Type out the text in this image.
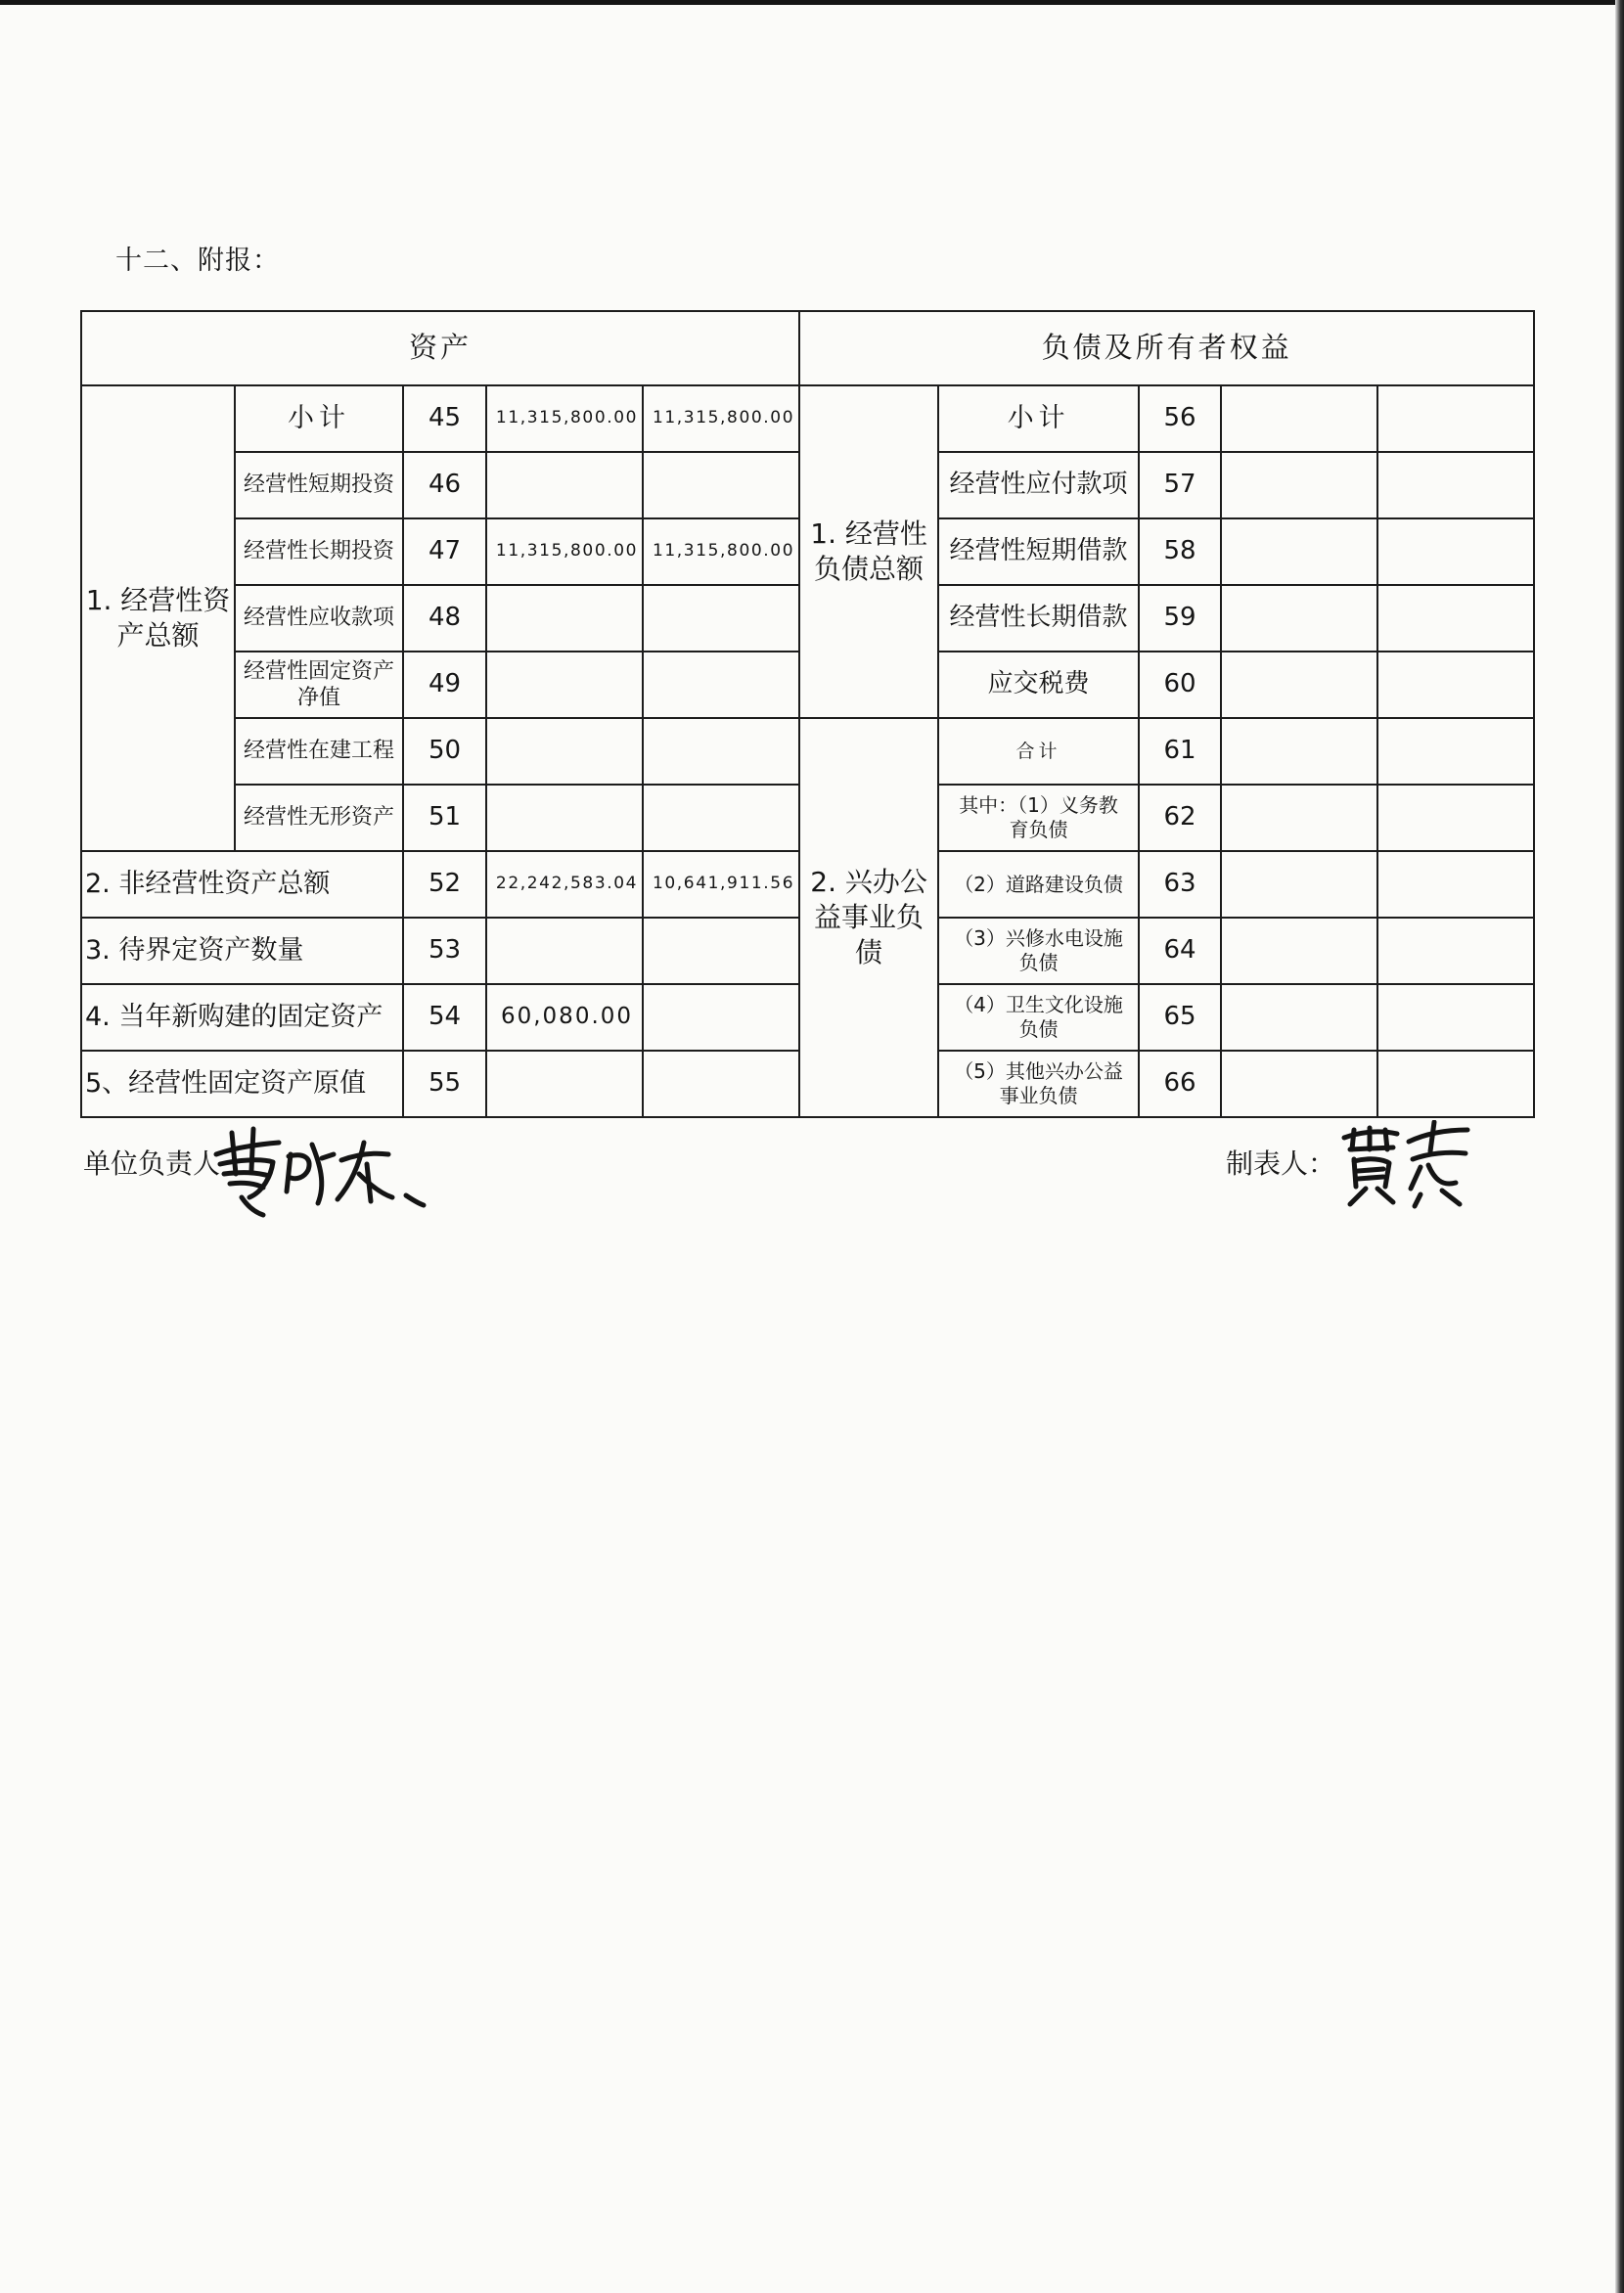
十二、附报：
资产					负债及所有者权益				
1. 经营性资产总额	小计	45	11,315,800.00	11,315,800.00	1. 经营性负债总额	小计	56		
	经营性短期投资	46				经营性应付款项	57		
	经营性长期投资	47	11,315,800.00	11,315,800.00		经营性短期借款	58		
	经营性应收款项	48				经营性长期借款	59		
	经营性固定资产净值	49				应交税费	60		
	经营性在建工程	50			2. 兴办公益事业负债	合计	61		
	经营性无形资产	51				其中：（1）义务教育负债	62		
2. 非经营性资产总额		52	22,242,583.04	10,641,911.56		（2）道路建设负债	63		
3. 待界定资产数量		53				（3）兴修水电设施负债	64		
4. 当年新购建的固定资产		54	60,080.00			（4）卫生文化设施负债	65		
5、经营性固定资产原值		55				（5）其他兴办公益事业负债	66		
单位负责人	制表人：
